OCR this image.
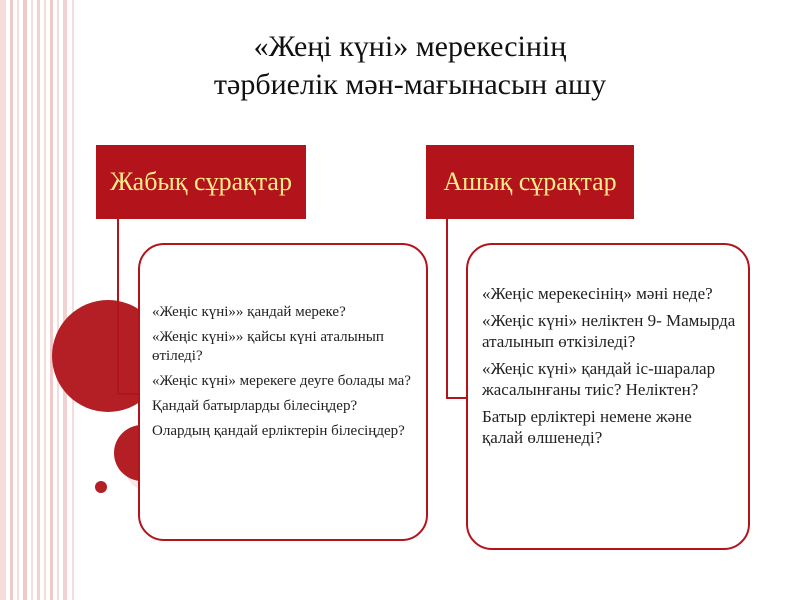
«Жеңі күні» мерекесінің
тәрбиелік мән-мағынасын ашу
Жабық сұрақтар	Ашық сұрақтар

«Жеңіс күні»» қандай мереке?

«Жеңіс күні»» қайсы күні аталынып өтіледі?

«Жеңіс күні» мерекеге деуге болады ма?

Қандай батырларды білесіңдер?

Олардың қандай ерліктерін білесіңдер?

«Жеңіс мерекесінің» мәні неде?

«Жеңіс күні» неліктен 9- Мамырда аталынып өткізіледі?

«Жеңіс күні» қандай іс-шаралар жасалынғаны тиіс? Неліктен?

Батыр ерліктері немене және қалай өлшенеді?
